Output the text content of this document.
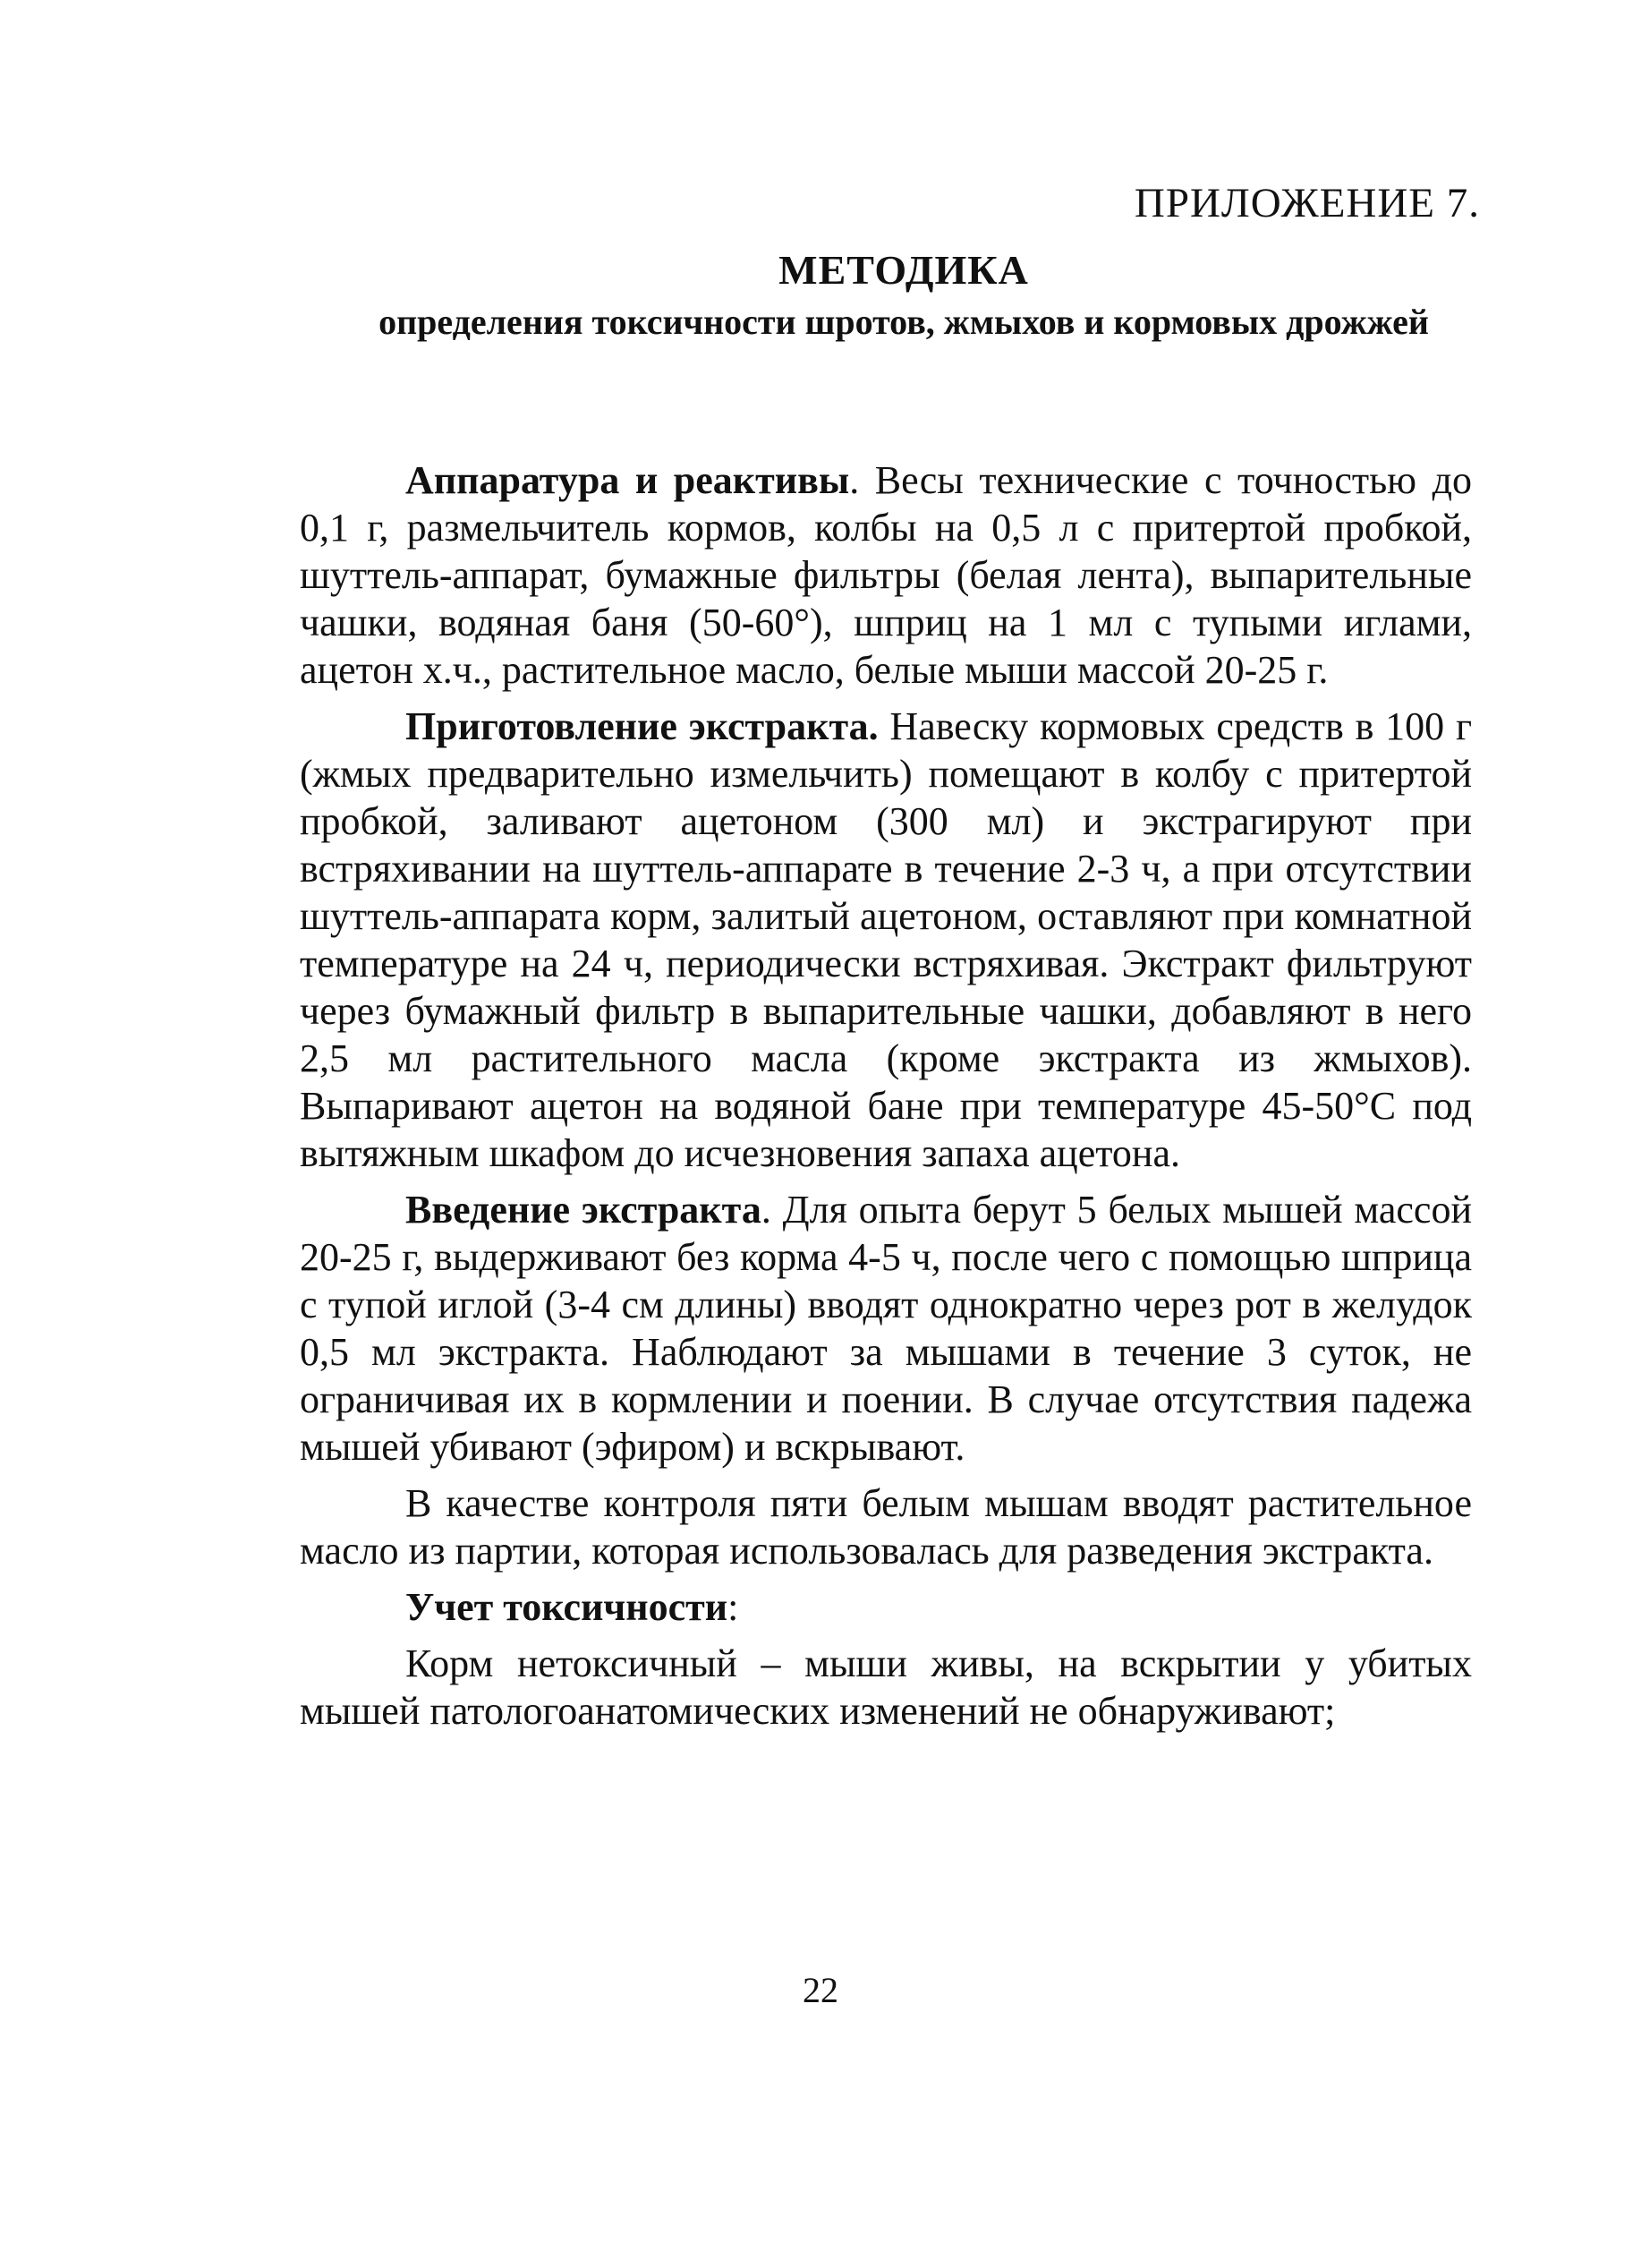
ПРИЛОЖЕНИЕ 7.
МЕТОДИКА
определения токсичности шротов, жмыхов и кормовых дрожжей

Аппаратура и реактивы. Весы технические с точностью до 0,1 г, размельчитель кормов, колбы на 0,5 л с притертой пробкой, шуттель-аппарат, бумажные фильтры (белая лента), выпарительные чашки, водяная баня (50-60°), шприц на 1 мл с тупыми иглами, ацетон х.ч., растительное масло, белые мыши массой 20-25 г.

Приготовление экстракта. Навеску кормовых средств в 100 г (жмых предварительно измельчить) помещают в колбу с притертой пробкой, заливают ацетоном (300 мл) и экстрагируют при встряхивании на шуттель-аппарате в течение 2-3 ч, а при отсутствии шуттель-аппарата корм, залитый ацетоном, оставляют при комнатной температуре на 24 ч, периодически встряхивая. Экстракт фильтруют через бумажный фильтр в выпарительные чашки, добавляют в него 2,5 мл растительного масла (кроме экстракта из жмыхов). Выпаривают ацетон на водяной бане при температуре 45-50°С под вытяжным шкафом до исчезновения запаха ацетона.

Введение экстракта. Для опыта берут 5 белых мышей массой 20-25 г, выдерживают без корма 4-5 ч, после чего с помощью шприца с тупой иглой (3-4 см длины) вводят однократно через рот в желудок 0,5 мл экстракта. Наблюдают за мышами в течение 3 суток, не ограничивая их в кормлении и поении. В случае отсутствия падежа мышей убивают (эфиром) и вскрывают.

В качестве контроля пяти белым мышам вводят растительное масло из партии, которая использовалась для разведения экстракта.

Учет токсичности:

Корм нетоксичный – мыши живы, на вскрытии у убитых мышей патологоанатомических изменений не обнаруживают;

22
